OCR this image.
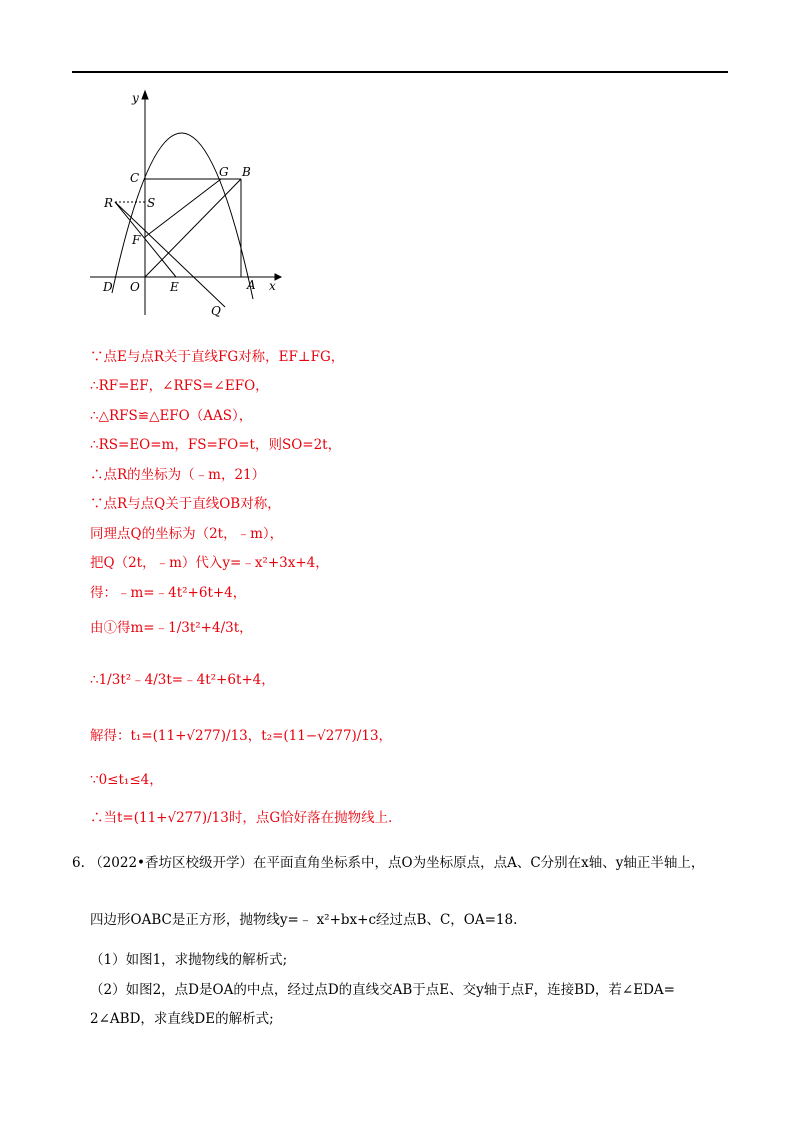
y
C	G B
R	S
F
D O	E	A x
Q
∵点E与点R关于直线FG对称，EF⊥FG，
∴RF=EF，∠RFS=∠EFO，
∴△RFS≌△EFO（AAS），
∴RS=EO=m，FS=FO=t，则SO=2t，
∴点R的坐标为（﹣m，21）
∵点R与点Q关于直线OB对称，
同理点Q的坐标为（2t，﹣m），
把Q（2t，﹣m）代入y=﹣x²+3x+4，
得：﹣m=﹣4t²+6t+4，
由①得m=﹣1/3t²+4/3t，
∴1/3t²﹣4/3t=﹣4t²+6t+4，
解得：t₁=(11+√277)/13，t₂=(11−√277)/13，
∵0≤t₁≤4，
∴当t=(11+√277)/13时，点G恰好落在抛物线上．
6. （2022•香坊区校级开学）在平面直角坐标系中，点O为坐标原点，点A、C分别在x轴、y轴正半轴上，
四边形OABC是正方形，抛物线y=﹣ x²+bx+c经过点B、C，OA=18.
（1）如图1，求抛物线的解析式;
（2）如图2，点D是OA的中点，经过点D的直线交AB于点E、交y轴于点F，连接BD，若∠EDA=
2∠ABD，求直线DE的解析式;
